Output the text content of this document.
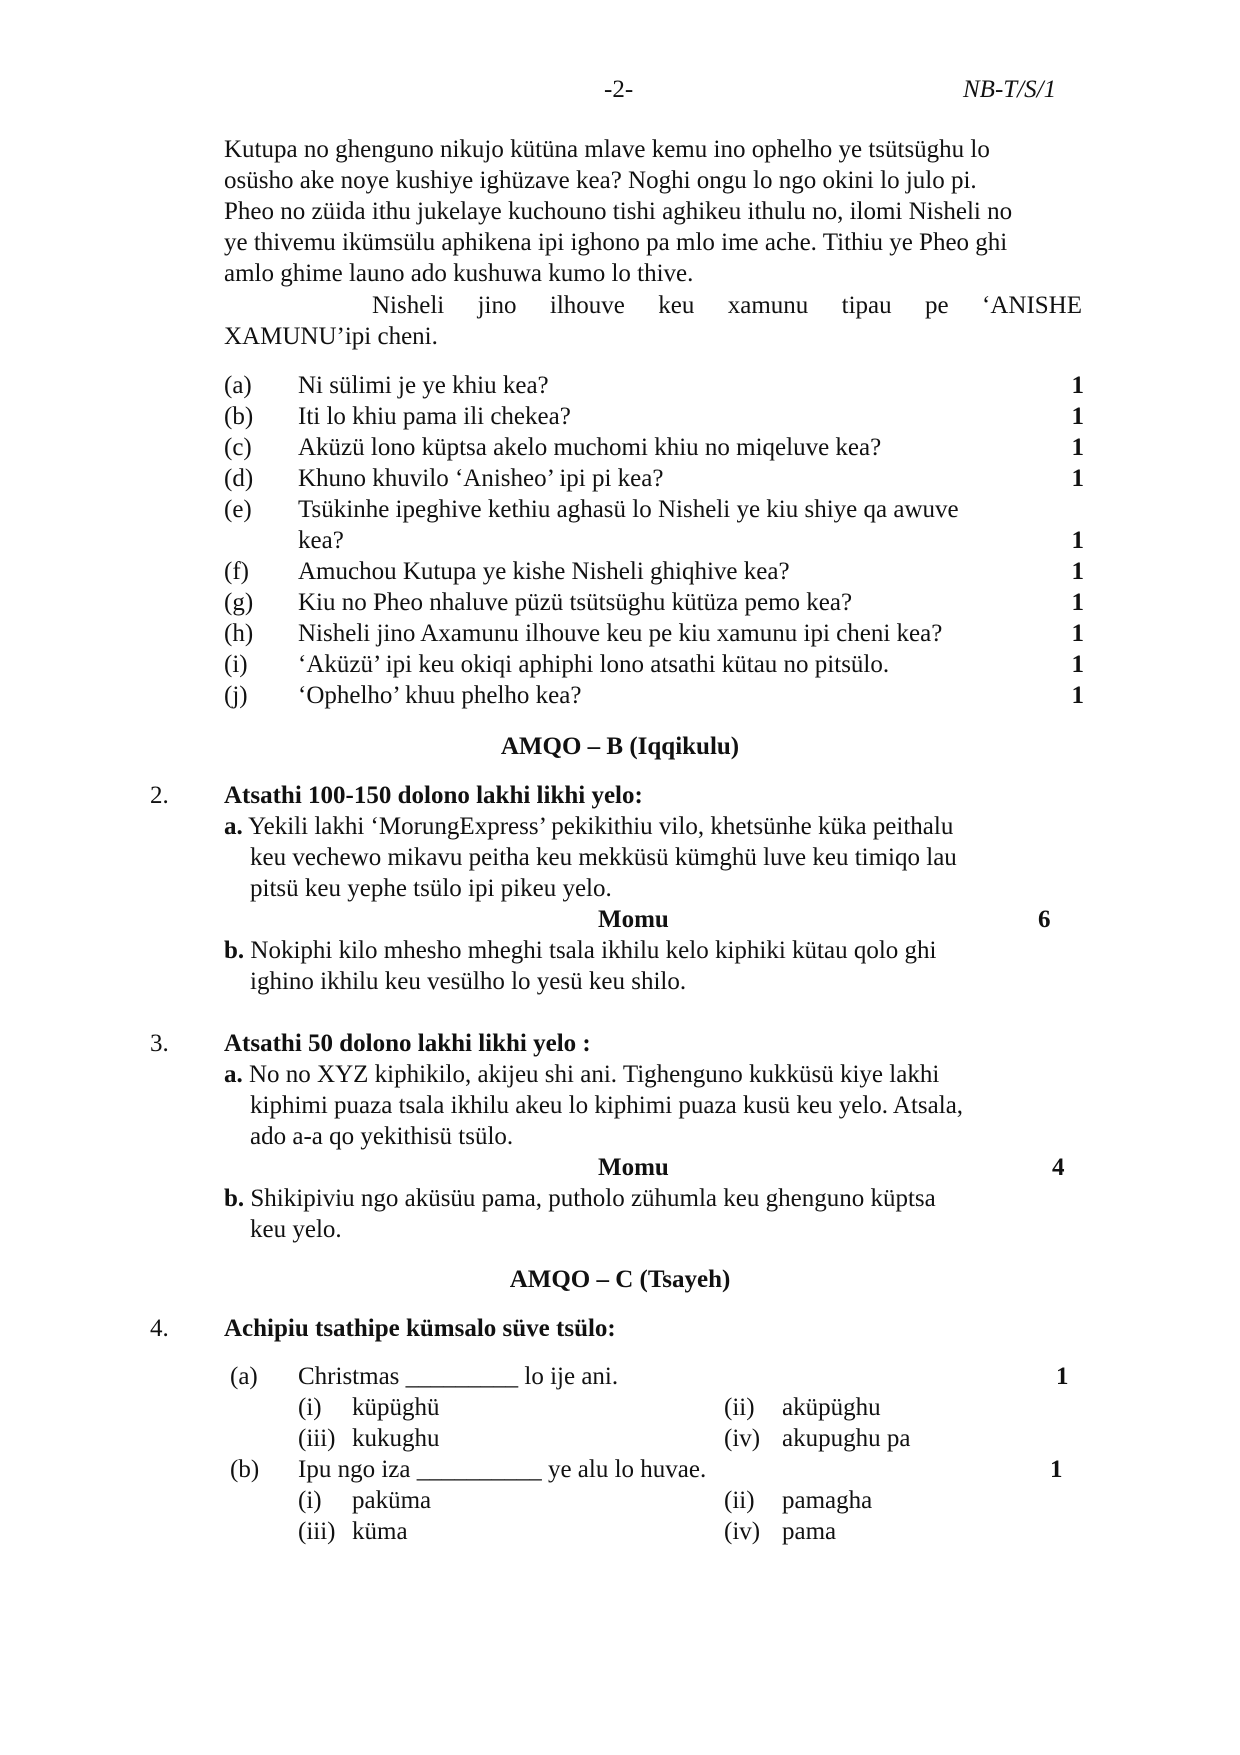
-2-	NB-T/S/1

Kutupa no ghenguno nikujo kütüna mlave kemu ino ophelho ye tsütsüghu lo

osüsho ake noye kushiye ighüzave kea? Noghi ongu lo ngo okini lo julo pi.

Pheo no züida ithu jukelaye kuchouno tishi aghikeu ithulu no, ilomi Nisheli no

ye thivemu ikümsülu aphikena ipi ighono pa mlo ime ache. Tithiu ye Pheo ghi

amlo ghime launo ado kushuwa kumo lo thive.

Nisheli jino ilhouve keu xamunu tipau pe ‘ANISHE

XAMUNU’ipi cheni.

(a) Ni sülimi je ye khiu kea?	1
(b) Iti lo khiu pama ili chekea?	1
(c) Aküzü lono küptsa akelo muchomi khiu no miqeluve kea?	1
(d) Khuno khuvilo ‘Anisheo’ ipi pi kea?	1
(e) Tsükinhe ipeghive kethiu aghasü lo Nisheli ye kiu shiye qa awuve
kea?	1
(f) Amuchou Kutupa ye kishe Nisheli ghiqhive kea?	1
(g) Kiu no Pheo nhaluve püzü tsütsüghu kütüza pemo kea?	1
(h) Nisheli jino Axamunu ilhouve keu pe kiu xamunu ipi cheni kea?	1
(i) ‘Aküzü’ ipi keu okiqi aphiphi lono atsathi kütau no pitsülo.	1
(j) ‘Ophelho’ khuu phelho kea?	1
AMQO – B (Iqqikulu)
2. Atsathi 100-150 dolono lakhi likhi yelo:
a. Yekili lakhi ‘MorungExpress’ pekikithiu vilo, khetsünhe küka peithalu
keu vechewo mikavu peitha keu mekküsü kümghü luve keu timiqo lau
pitsü keu yephe tsülo ipi pikeu yelo.
Momu	6
b. Nokiphi kilo mhesho mheghi tsala ikhilu kelo kiphiki kütau qolo ghi
ighino ikhilu keu vesülho lo yesü keu shilo.
3. Atsathi 50 dolono lakhi likhi yelo :
a. No no XYZ kiphikilo, akijeu shi ani. Tighenguno kukküsü kiye lakhi
kiphimi puaza tsala ikhilu akeu lo kiphimi puaza kusü keu yelo. Atsala,
ado a-a qo yekithisü tsülo.
Momu	4
b. Shikipiviu ngo aküsüu pama, putholo zühumla keu ghenguno küptsa
keu yelo.
AMQO – C (Tsayeh)
4. Achipiu tsathipe kümsalo süve tsülo:
(a) Christmas _________ lo ije ani.	1
(i) küpüghü	(ii) aküpüghu
(iii) kukughu	(iv) akupughu pa
(b) Ipu ngo iza __________ ye alu lo huvae.	1
(i) paküma	(ii) pamagha
(iii) küma	(iv) pama
